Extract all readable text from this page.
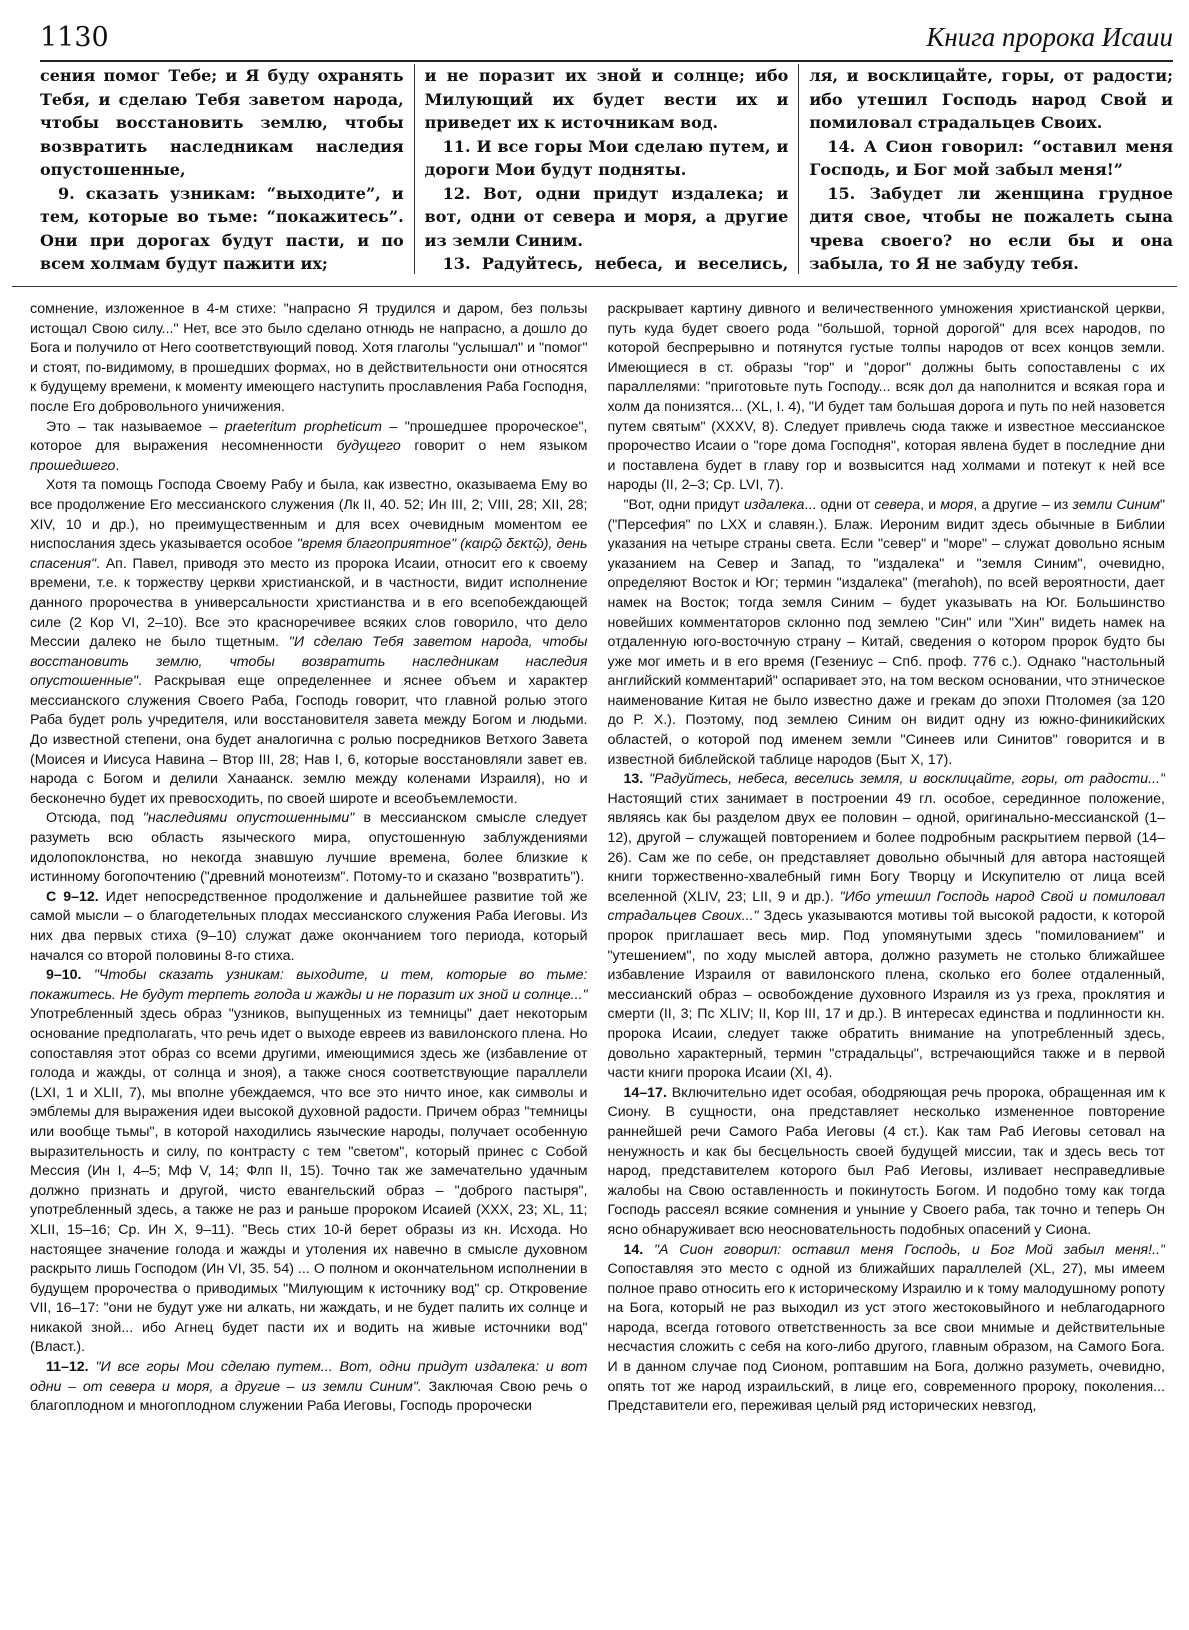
1130	Книга пророка Исаии

сения помог Тебе; и Я буду охранять Тебя, и сделаю Тебя заветом народа, чтобы восстановить землю, чтобы возвратить наследникам наследия опустошенные,

9. сказать узникам: “выходите”, и тем, которые во тьме: “покажитесь”. Они при дорогах будут пасти, и по всем холмам будут пажити их;

и не поразит их зной и солнце; ибо Милующий их будет вести их и приведет их к источникам вод.

11. И все горы Мои сделаю путем, и дороги Мои будут подняты.

12. Вот, одни придут издалека; и вот, одни от севера и моря, а другие из земли Синим.

13. Радуйтесь, небеса, и веселись,

ля, и восклицайте, горы, от радости; ибо утешил Господь народ Свой и помиловал страдальцев Своих.

14. А Сион говорил: “оставил меня Господь, и Бог мой забыл меня!”

15. Забудет ли женщина грудное дитя свое, чтобы не пожалеть сына чрева своего? но если бы и она забыла, то Я не забуду тебя.

сомнение, изложенное в 4-м стихе: "напрасно Я трудился и даром, без пользы истощал Свою силу..." Нет, все это было сделано отнюдь не напрасно, а дошло до Бога и получило от Него соответствующий повод. Хотя глаголы "услышал" и "помог" и стоят, по-видимому, в прошедших формах, но в действительности они относятся к будущему времени, к моменту имеющего наступить прославления Раба Господня, после Его добровольного уничижения.

Это – так называемое – praeteritum propheticum – "прошедшее пророческое", которое для выражения несомненности будущего говорит о нем языком прошедшего.

Хотя та помощь Господа Своему Рабу и была, как известно, оказываема Ему во все продолжение Его мессианского служения (Лк II, 40. 52; Ин III, 2; VIII, 28; XII, 28; XIV, 10 и др.), но преимущественным и для всех очевидным моментом ее ниспослания здесь указывается особое "время благоприятное" (καιρῷ δεκτῷ), день спасения". Ап. Павел, приводя это место из пророка Исаии, относит его к своему времени, т.е. к торжеству церкви христианской, и в частности, видит исполнение данного пророчества в универсальности христианства и в его всепобеждающей силе (2 Кор VI, 2–10). Все это красноречивее всяких слов говорило, что дело Мессии далеко не было тщетным. "И сделаю Тебя заветом народа, чтобы восстановить землю, чтобы возвратить наследникам наследия опустошенные". Раскрывая еще определеннее и яснее объем и характер мессианского служения Своего Раба, Господь говорит, что главной ролью этого Раба будет роль учредителя, или восстановителя завета между Богом и людьми. До известной степени, она будет аналогична с ролью посредников Ветхого Завета (Моисея и Иисуса Навина – Втор III, 28; Нав I, 6, которые восстановляли завет ев. народа с Богом и делили Ханаанск. землю между коленами Израиля), но и бесконечно будет их превосходить, по своей широте и всеобъемлемости.

Отсюда, под "наследиями опустошенными" в мессианском смысле следует разуметь всю область языческого мира, опустошенную заблуждениями идолопоклонства, но некогда знавшую лучшие времена, более близкие к истинному богопочтению ("древний монотеизм". Потому-то и сказано "возвратить").

С 9–12. Идет непосредственное продолжение и дальнейшее развитие той же самой мысли – о благодетельных плодах мессианского служения Раба Иеговы. Из них два первых стиха (9–10) служат даже окончанием того периода, который начался со второй половины 8-го стиха.

9–10. "Чтобы сказать узникам: выходите, и тем, которые во тьме: покажитесь. Не будут терпеть голода и жажды и не поразит их зной и солнце..." Употребленный здесь образ "узников, выпущенных из темницы" дает некоторым основание предполагать, что речь идет о выходе евреев из вавилонского плена. Но сопоставляя этот образ со всеми другими, имеющимися здесь же (избавление от голода и жажды, от солнца и зноя), а также снося соответствующие параллели (LXI, 1 и XLII, 7), мы вполне убеждаемся, что все это ничто иное, как символы и эмблемы для выражения идеи высокой духовной радости. Причем образ "темницы или вообще тьмы", в которой находились языческие народы, получает особенную выразительность и силу, по контрасту с тем "светом", который принес с Собой Мессия (Ин I, 4–5; Мф V, 14; Флп II, 15). Точно так же замечательно удачным должно признать и другой, чисто евангельский образ – "доброго пастыря", употребленный здесь, а также не раз и раньше пророком Исаией (XXX, 23; XL, 11; XLII, 15–16; Ср. Ин X, 9–11). "Весь стих 10-й берет образы из кн. Исхода. Но настоящее значение голода и жажды и утоления их навечно в смысле духовном раскрыто лишь Господом (Ин VI, 35. 54) ... О полном и окончательном исполнении в будущем пророчества о приводимых "Милующим к источнику вод" ср. Откровение VII, 16–17: "они не будут уже ни алкать, ни жаждать, и не будет палить их солнце и никакой зной... ибо Агнец будет пасти их и водить на живые источники вод" (Власт.).

11–12. "И все горы Мои сделаю путем... Вот, одни придут издалека: и вот одни – от севера и моря, а другие – из земли Синим". Заключая Свою речь о благоплодном и многоплодном служении Раба Иеговы, Господь пророчески

раскрывает картину дивного и величественного умножения христианской церкви, путь куда будет своего рода "большой, торной дорогой" для всех народов, по которой беспрерывно и потянутся густые толпы народов от всех концов земли. Имеющиеся в ст. образы "гор" и "дорог" должны быть сопоставлены с их параллелями: "приготовьте путь Господу... всяк дол да наполнится и всякая гора и холм да понизятся... (XL, I. 4), "И будет там большая дорога и путь по ней назовется путем святым" (XXXV, 8). Следует привлечь сюда также и известное мессианское пророчество Исаии о "горе дома Господня", которая явлена будет в последние дни и поставлена будет в главу гор и возвысится над холмами и потекут к ней все народы (II, 2–3; Ср. LVI, 7).

"Вот, одни придут издалека... одни от севера, и моря, а другие – из земли Синим" ("Персефия" по LXX и славян.). Блаж. Иероним видит здесь обычные в Библии указания на четыре страны света. Если "север" и "море" – служат довольно ясным указанием на Север и Запад, то "издалека" и "земля Синим", очевидно, определяют Восток и Юг; термин "издалека" (merahoh), по всей вероятности, дает намек на Восток; тогда земля Синим – будет указывать на Юг. Большинство новейших комментаторов склонно под землею "Син" или "Хин" видеть намек на отдаленную юго-восточную страну – Китай, сведения о котором пророк будто бы уже мог иметь и в его время (Гезениус – Спб. проф. 776 с.). Однако "настольный английский комментарий" оспаривает это, на том веском основании, что этническое наименование Китая не было известно даже и грекам до эпохи Птоломея (за 120 до Р. Х.). Поэтому, под землею Синим он видит одну из южно-финикийских областей, о которой под именем земли "Синеев или Синитов" говорится и в известной библейской таблице народов (Быт X, 17).

13. "Радуйтесь, небеса, веселись земля, и восклицайте, горы, от радости..." Настоящий стих занимает в построении 49 гл. особое, серединное положение, являясь как бы разделом двух ее половин – одной, оригинально-мессианской (1–12), другой – служащей повторением и более подробным раскрытием первой (14–26). Сам же по себе, он представляет довольно обычный для автора настоящей книги торжественно-хвалебный гимн Богу Творцу и Искупителю от лица всей вселенной (XLIV, 23; LII, 9 и др.). "Ибо утешил Господь народ Свой и помиловал страдальцев Своих..." Здесь указываются мотивы той высокой радости, к которой пророк приглашает весь мир. Под упомянутыми здесь "помилованием" и "утешением", по ходу мыслей автора, должно разуметь не столько ближайшее избавление Израиля от вавилонского плена, сколько его более отдаленный, мессианский образ – освобождение духовного Израиля из уз греха, проклятия и смерти (II, 3; Пс XLIV; II, Кор III, 17 и др.). В интересах единства и подлинности кн. пророка Исаии, следует также обратить внимание на употребленный здесь, довольно характерный, термин "страдальцы", встречающийся также и в первой части книги пророка Исаии (XI, 4).

14–17. Включительно идет особая, ободряющая речь пророка, обращенная им к Сиону. В сущности, она представляет несколько измененное повторение раннейшей речи Самого Раба Иеговы (4 ст.). Как там Раб Иеговы сетовал на ненужность и как бы бесцельность своей будущей миссии, так и здесь весь тот народ, представителем которого был Раб Иеговы, изливает несправедливые жалобы на Свою оставленность и покинутость Богом. И подобно тому как тогда Господь рассеял всякие сомнения и уныние у Своего раба, так точно и теперь Он ясно обнаруживает всю неосновательность подобных опасений у Сиона.

14. "А Сион говорил: оставил меня Господь, и Бог Мой забыл меня!.." Сопоставляя это место с одной из ближайших параллелей (XL, 27), мы имеем полное право относить его к историческому Израилю и к тому малодушному ропоту на Бога, который не раз выходил из уст этого жестоковыйного и неблагодарного народа, всегда готового ответственность за все свои мнимые и действительные несчастия сложить с себя на кого-либо другого, главным образом, на Самого Бога. И в данном случае под Сионом, роптавшим на Бога, должно разуметь, очевидно, опять тот же народ израильский, в лице его, современного пророку, поколения... Представители его, переживая целый ряд исторических невзгод,
